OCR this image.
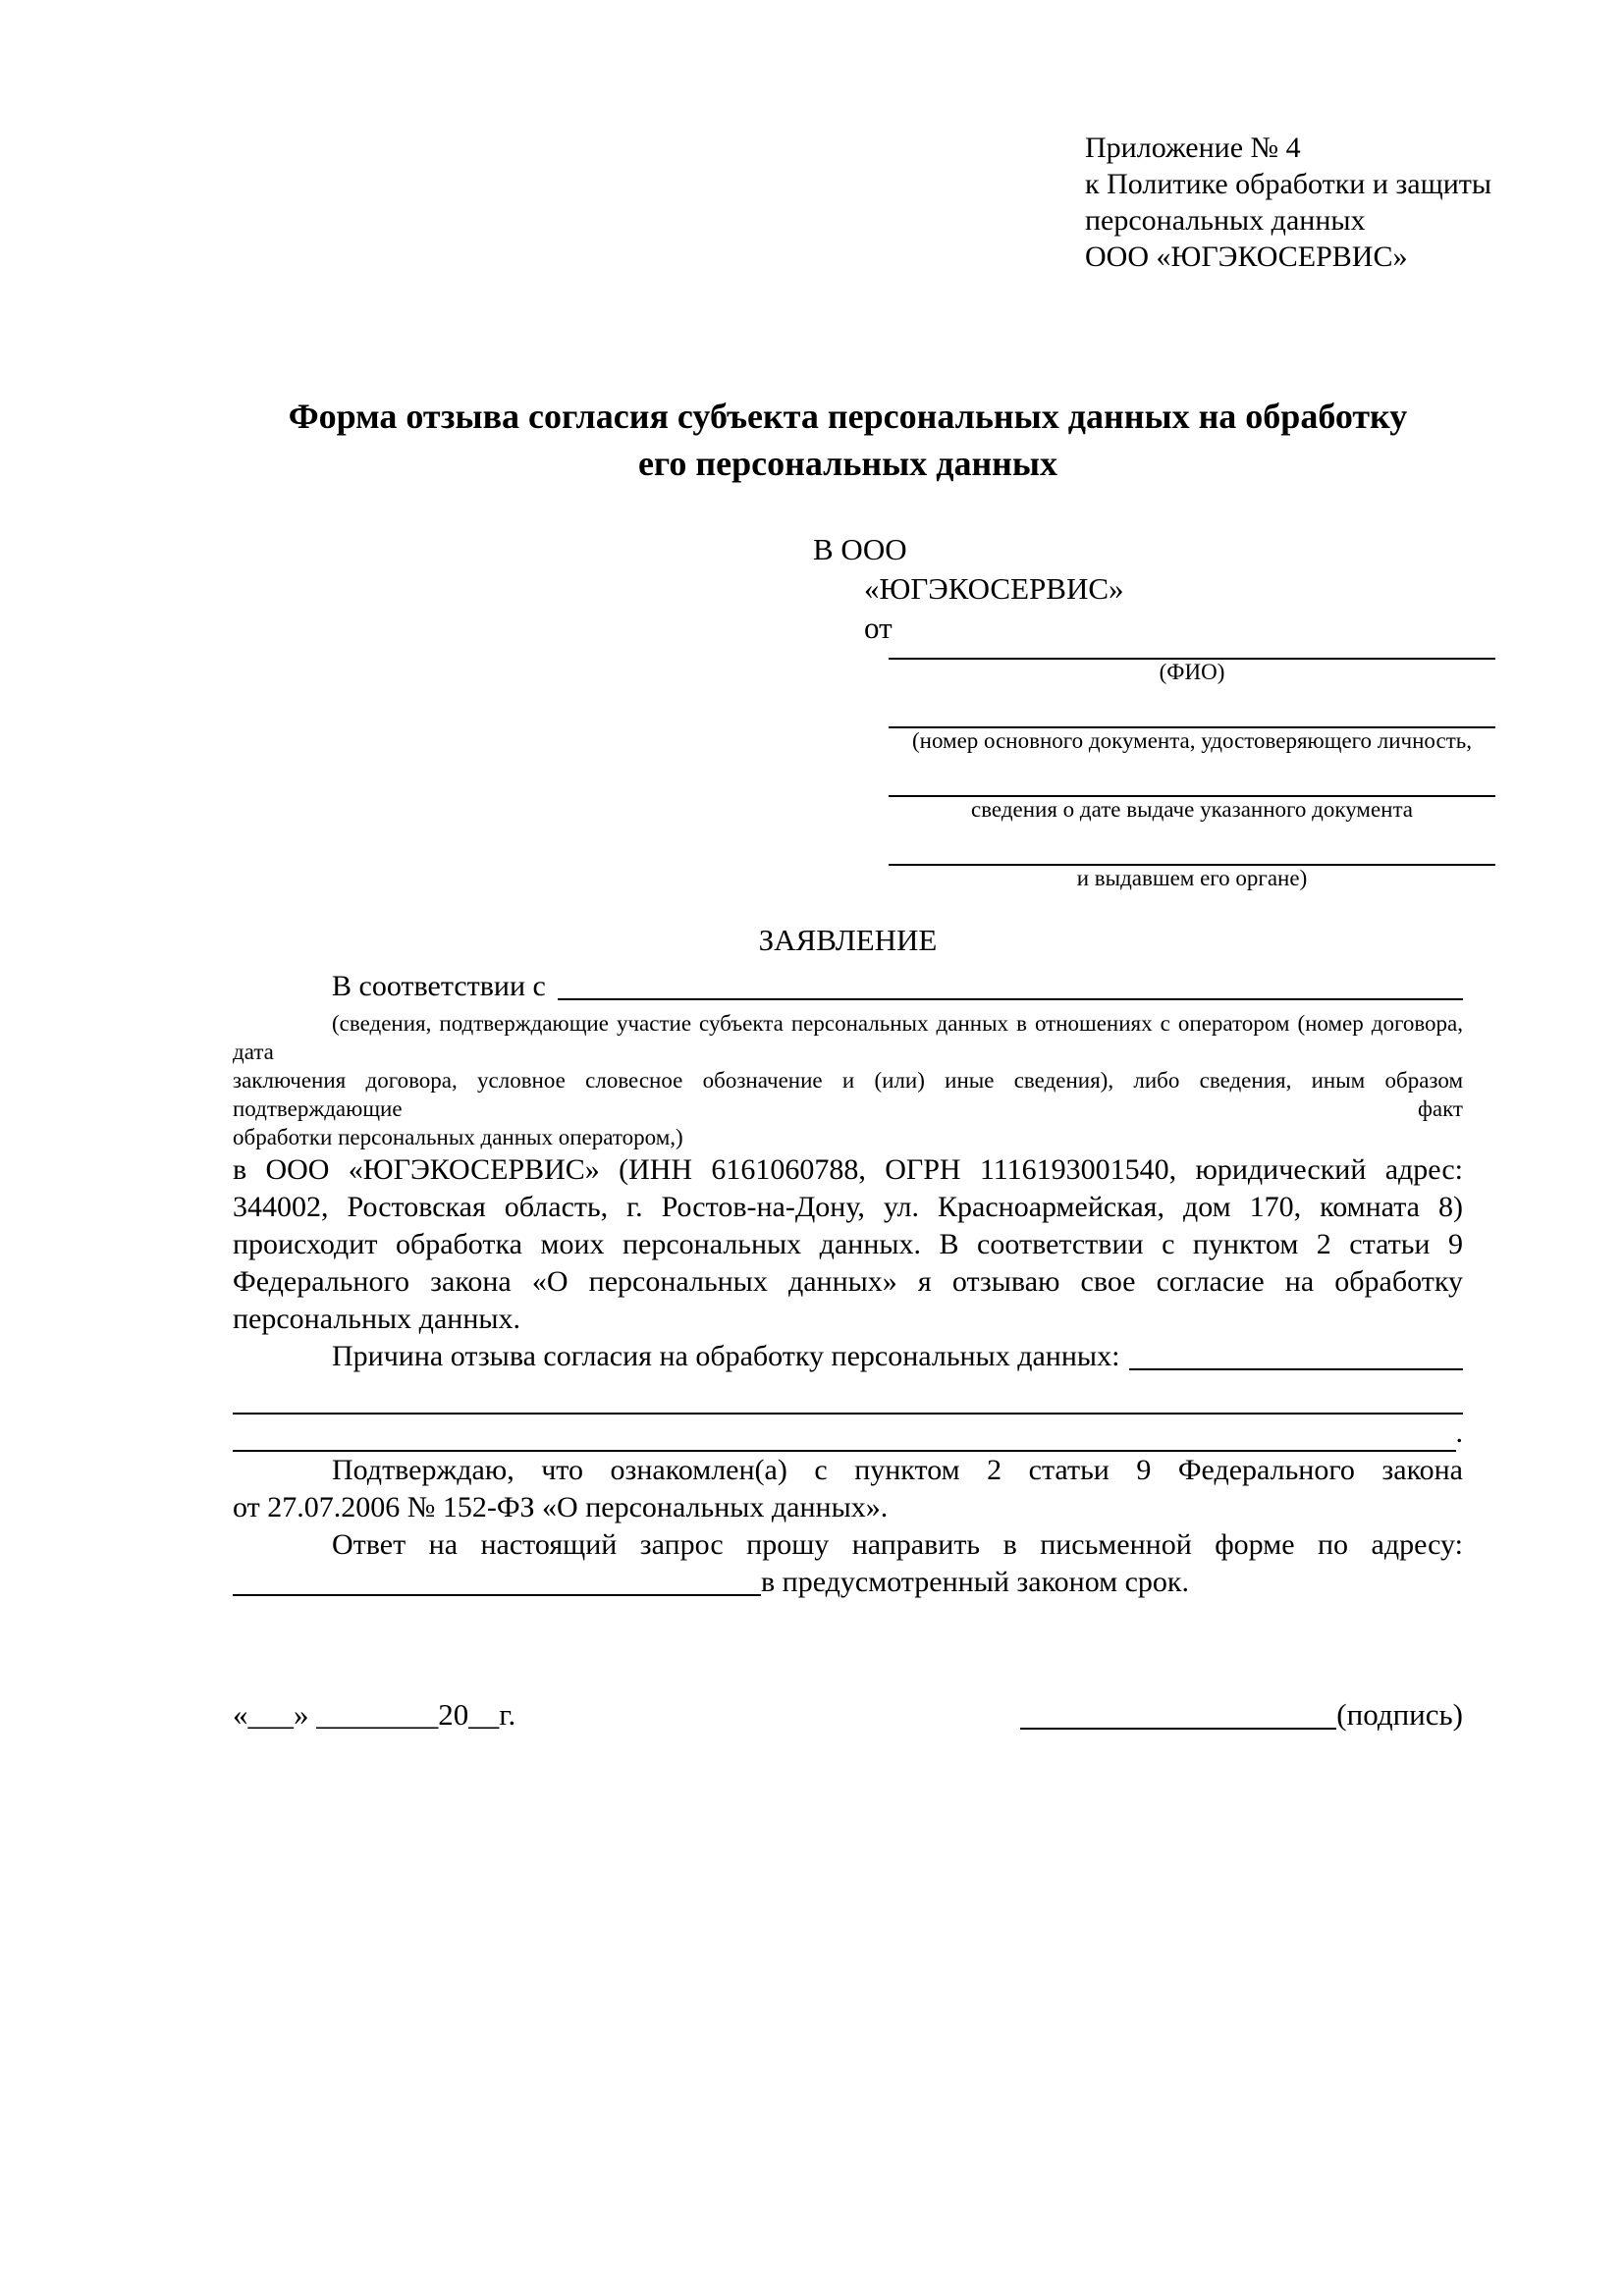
Приложение № 4
к Политике обработки и защиты
персональных данных
ООО «ЮГЭКОСЕРВИС»
Форма отзыва согласия субъекта персональных данных на обработку
его персональных данных
В ООО
«ЮГЭКОСЕРВИС»
от
(ФИО)
(номер основного документа, удостоверяющего личность,
сведения о дате выдаче указанного документа
и выдавшем его органе)
ЗАЯВЛЕНИЕ
В соответствии с
(сведения, подтверждающие участие субъекта персональных данных в отношениях с оператором (номер договора, дата
заключения договора, условное словесное обозначение и (или) иные сведения), либо сведения, иным образом подтверждающие факт
обработки персональных данных оператором,)
в ООО «ЮГЭКОСЕРВИС» (ИНН 6161060788, ОГРН 1116193001540, юридический адрес:
344002, Ростовская область, г. Ростов-на-Дону, ул. Красноармейская, дом 170, комната 8)
происходит обработка моих персональных данных. В соответствии с пунктом 2 статьи 9
Федерального закона «О персональных данных» я отзываю свое согласие на обработку
персональных данных.
Причина отзыва согласия на обработку персональных данных:
.
Подтверждаю, что ознакомлен(а) с пунктом 2 статьи 9 Федерального закона
от 27.07.2006 № 152-ФЗ «О персональных данных».
Ответ на настоящий запрос прошу направить в письменной форме по адресу:
в предусмотренный законом срок.
«___» ________20__г.	(подпись)
